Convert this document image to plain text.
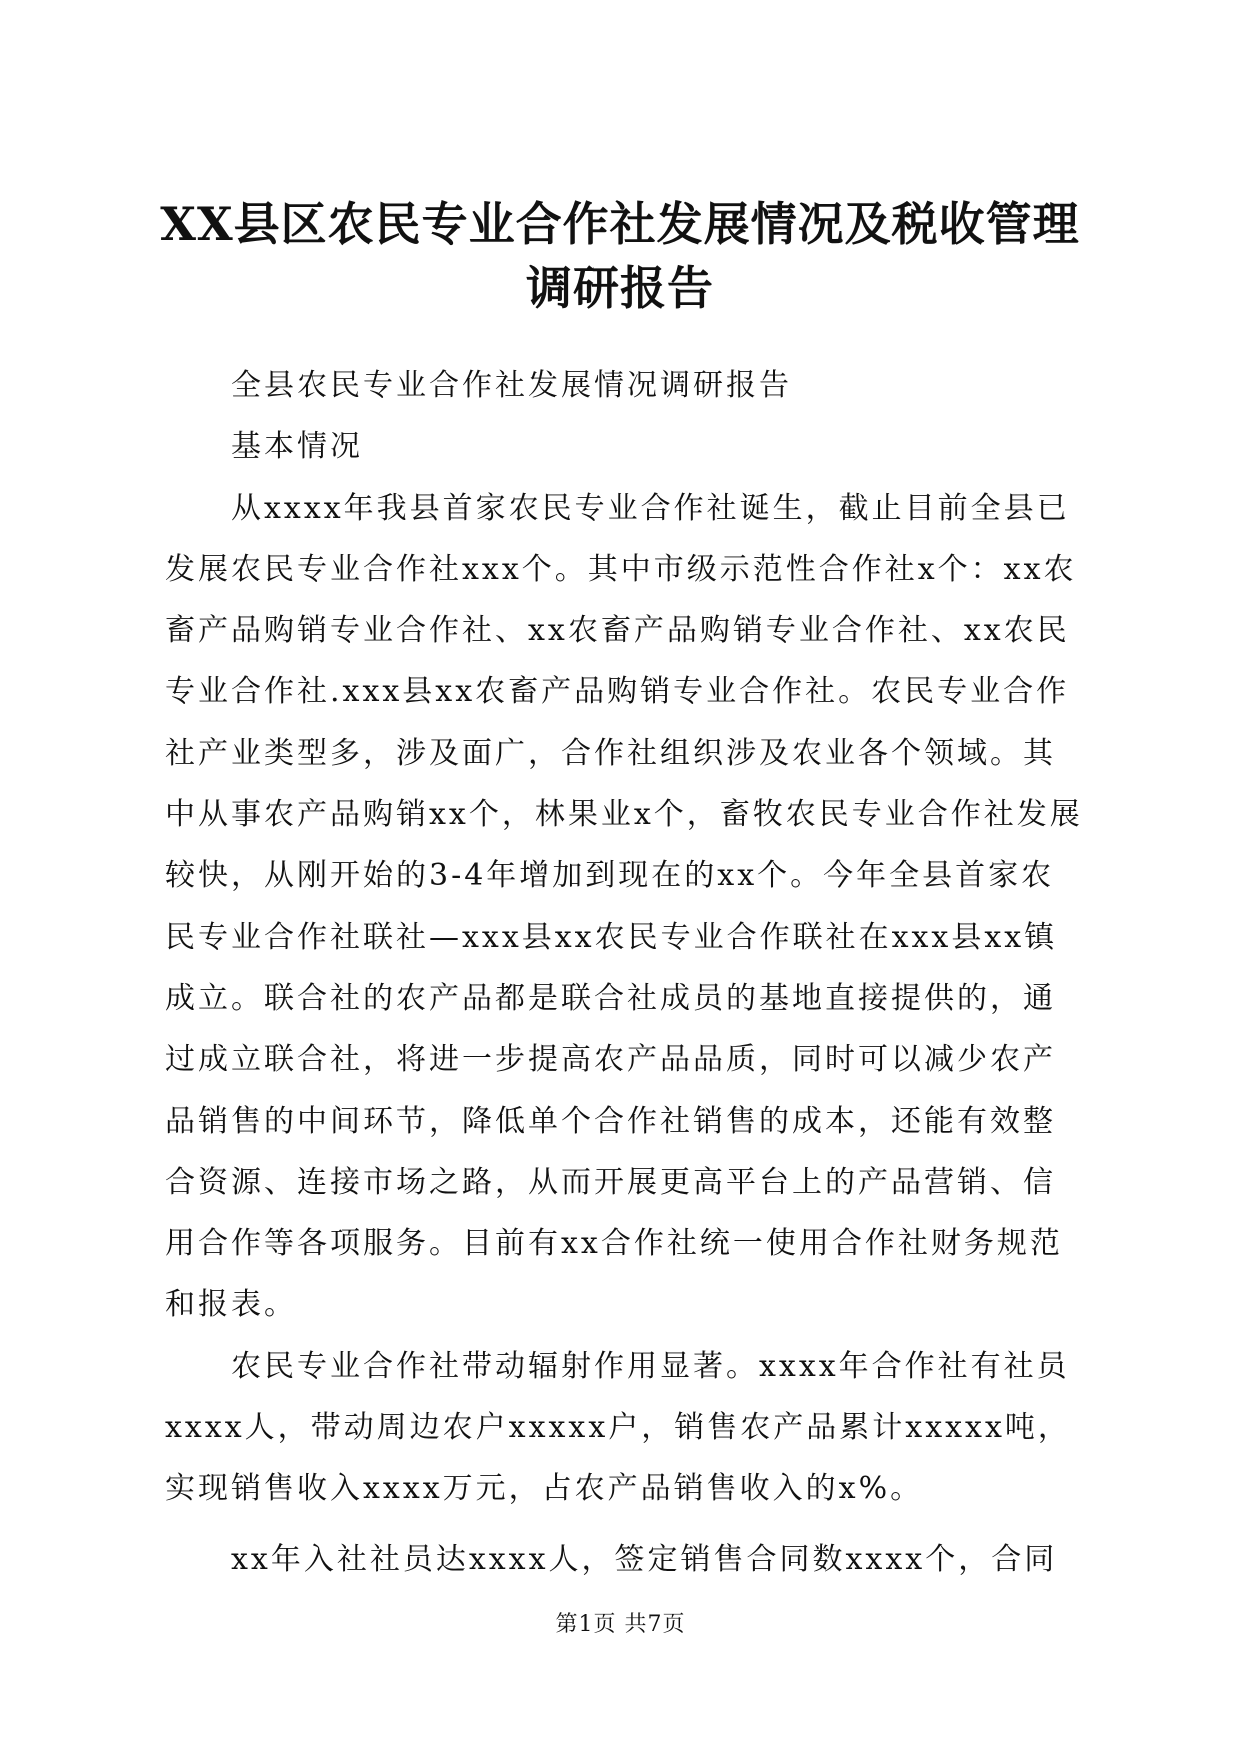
XX县区农民专业合作社发展情况及税收管理
调研报告

全县农民专业合作社发展情况调研报告

基本情况

从xxxx年我县首家农民专业合作社诞生，截止目前全县已发展农民专业合作社xxx个。其中市级示范性合作社x个：xx农畜产品购销专业合作社、xx农畜产品购销专业合作社、xx农民专业合作社.xxx县xx农畜产品购销专业合作社。农民专业合作社产业类型多，涉及面广，合作社组织涉及农业各个领域。其中从事农产品购销xx个，林果业x个，畜牧农民专业合作社发展较快，从刚开始的3-4年增加到现在的xx个。今年全县首家农民专业合作社联社—xxx县xx农民专业合作联社在xxx县xx镇成立。联合社的农产品都是联合社成员的基地直接提供的，通过成立联合社，将进一步提高农产品品质，同时可以减少农产品销售的中间环节，降低单个合作社销售的成本，还能有效整合资源、连接市场之路，从而开展更高平台上的产品营销、信用合作等各项服务。目前有xx合作社统一使用合作社财务规范和报表。

农民专业合作社带动辐射作用显著。xxxx年合作社有社员xxxx人，带动周边农户xxxxx户，销售农产品累计xxxxx吨，实现销售收入xxxx万元，占农产品销售收入的x%。

xx年入社社员达xxxx人，签定销售合同数xxxx个，合同

第1页 共7页
